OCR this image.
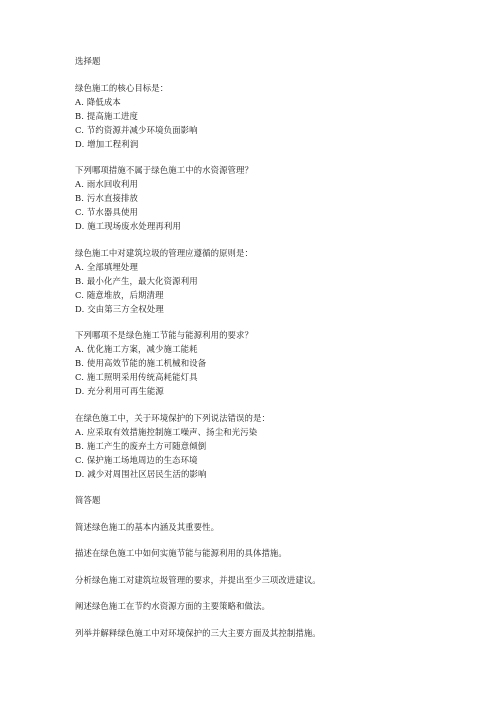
选择题
绿色施工的核心目标是：
A. 降低成本
B. 提高施工进度
C. 节约资源并减少环境负面影响
D. 增加工程利润
下列哪项措施不属于绿色施工中的水资源管理？
A. 雨水回收利用
B. 污水直接排放
C. 节水器具使用
D. 施工现场废水处理再利用
绿色施工中对建筑垃圾的管理应遵循的原则是：
A. 全部填埋处理
B. 最小化产生，最大化资源利用
C. 随意堆放，后期清理
D. 交由第三方全权处理
下列哪项不是绿色施工节能与能源利用的要求？
A. 优化施工方案，减少施工能耗
B. 使用高效节能的施工机械和设备
C. 施工照明采用传统高耗能灯具
D. 充分利用可再生能源
在绿色施工中，关于环境保护的下列说法错误的是：
A. 应采取有效措施控制施工噪声、扬尘和光污染
B. 施工产生的废弃土方可随意倾倒
C. 保护施工场地周边的生态环境
D. 减少对周围社区居民生活的影响
简答题
简述绿色施工的基本内涵及其重要性。
描述在绿色施工中如何实施节能与能源利用的具体措施。
分析绿色施工对建筑垃圾管理的要求，并提出至少三项改进建议。
阐述绿色施工在节约水资源方面的主要策略和做法。
列举并解释绿色施工中对环境保护的三大主要方面及其控制措施。
